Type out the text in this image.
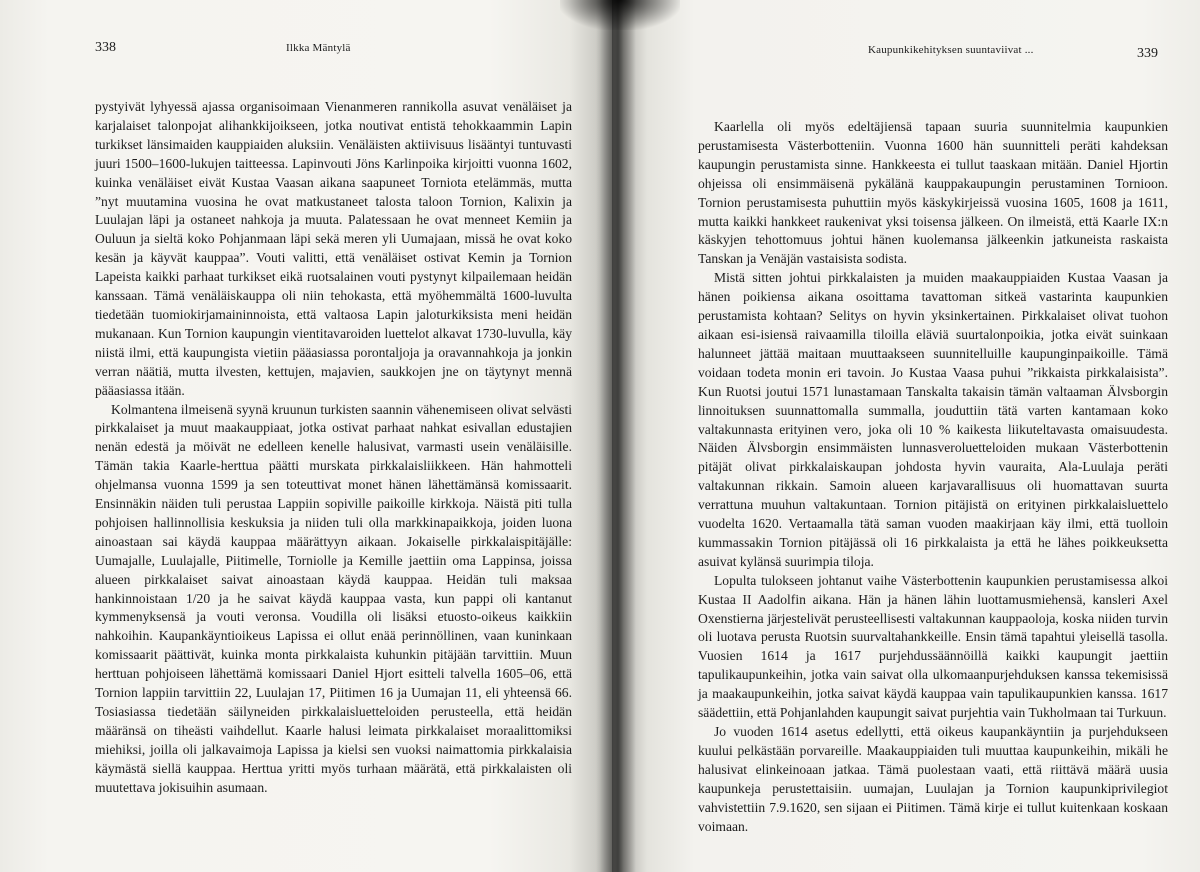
338	Ilkka Mäntylä

pystyivät lyhyessä ajassa organisoimaan Vienanmeren rannikolla asuvat venäläiset ja karjalaiset talonpojat alihankkijoikseen, jotka noutivat entistä tehokkaammin Lapin turkikset länsimaiden kauppiaiden aluksiin. Venäläisten aktiivisuus lisääntyi tuntuvasti juuri 1500–1600-lukujen taitteessa. Lapinvouti Jöns Karlinpoika kirjoitti vuonna 1602, kuinka venäläiset eivät Kustaa Vaasan aikana saapuneet Torniota etelämmäs, mutta ”nyt muutamina vuosina he ovat matkustaneet talosta taloon Tornion, Kalixin ja Luulajan läpi ja ostaneet nahkoja ja muuta. Palatessaan he ovat menneet Kemiin ja Ouluun ja sieltä koko Pohjanmaan läpi sekä meren yli Uumajaan, missä he ovat koko kesän ja käyvät kauppaa”. Vouti valitti, että venäläiset ostivat Kemin ja Tornion Lapeista kaikki parhaat turkikset eikä ruotsalainen vouti pystynyt kilpailemaan heidän kanssaan. Tämä venäläiskauppa oli niin tehokasta, että myöhemmältä 1600-luvulta tiedetään tuomiokirjamaininnoista, että valtaosa Lapin jaloturkiksista meni heidän mukanaan. Kun Tornion kaupungin vientitavaroiden luettelot alkavat 1730-luvulla, käy niistä ilmi, että kaupungista vietiin pääasiassa porontaljoja ja oravannahkoja ja jonkin verran näätiä, mutta ilvesten, kettujen, majavien, saukkojen jne on täytynyt mennä pääasiassa itään.

Kolmantena ilmeisenä syynä kruunun turkisten saannin vähenemiseen olivat selvästi pirkkalaiset ja muut maakauppiaat, jotka ostivat parhaat nahkat esivallan edustajien nenän edestä ja möivät ne edelleen kenelle halusivat, varmasti usein venäläisille. Tämän takia Kaarle-herttua päätti murskata pirkkalaisliikkeen. Hän hahmotteli ohjelmansa vuonna 1599 ja sen toteuttivat monet hänen lähettämänsä komissaarit. Ensinnäkin näiden tuli perustaa Lappiin sopiville paikoille kirkkoja. Näistä piti tulla pohjoisen hallinnollisia keskuksia ja niiden tuli olla markkinapaikkoja, joiden luona ainoastaan sai käydä kauppaa määrättyyn aikaan. Jokaiselle pirkkalaispitäjälle: Uumajalle, Luulajalle, Piitimelle, Torniolle ja Kemille jaettiin oma Lappinsa, joissa alueen pirkkalaiset saivat ainoastaan käydä kauppaa. Heidän tuli maksaa hankinnoistaan 1/20 ja he saivat käydä kauppaa vasta, kun pappi oli kantanut kymmenyksensä ja vouti veronsa. Voudilla oli lisäksi etuosto-oikeus kaikkiin nahkoihin. Kaupankäyntioikeus Lapissa ei ollut enää perinnöllinen, vaan kuninkaan komissaarit päättivät, kuinka monta pirkkalaista kuhunkin pitäjään tarvittiin. Muun herttuan pohjoiseen lähettämä komissaari Daniel Hjort esitteli talvella 1605–06, että Tornion lappiin tarvittiin 22, Luulajan 17, Piitimen 16 ja Uumajan 11, eli yhteensä 66. Tosiasiassa tiedetään säilyneiden pirkkalaisluetteloiden perusteella, että heidän määränsä on tiheästi vaihdellut. Kaarle halusi leimata pirkkalaiset moraalittomiksi miehiksi, joilla oli jalkavaimoja Lapissa ja kielsi sen vuoksi naimattomia pirkkalaisia käymästä siellä kauppaa. Herttua yritti myös turhaan määrätä, että pirkkalaisten oli muutettava jokisuihin asumaan.

Kaupunkikehityksen suuntaviivat ...	339

Kaarlella oli myös edeltäjiensä tapaan suuria suunnitelmia kaupunkien perustamisesta Västerbotteniin. Vuonna 1600 hän suunnitteli peräti kahdeksan kaupungin perustamista sinne. Hankkeesta ei tullut taaskaan mitään. Daniel Hjortin ohjeissa oli ensimmäisenä pykälänä kauppakaupungin perustaminen Tornioon. Tornion perustamisesta puhuttiin myös käskykirjeissä vuosina 1605, 1608 ja 1611, mutta kaikki hankkeet raukenivat yksi toisensa jälkeen. On ilmeistä, että Kaarle IX:n käskyjen tehottomuus johtui hänen kuolemansa jälkeenkin jatkuneista raskaista Tanskan ja Venäjän vastaisista sodista.

Mistä sitten johtui pirkkalaisten ja muiden maakauppiaiden Kustaa Vaasan ja hänen poikiensa aikana osoittama tavattoman sitkeä vastarinta kaupunkien perustamista kohtaan? Selitys on hyvin yksinkertainen. Pirkkalaiset olivat tuohon aikaan esi-isiensä raivaamilla tiloilla eläviä suurtalonpoikia, jotka eivät suinkaan halunneet jättää maitaan muuttaakseen suunnitelluille kaupunginpaikoille. Tämä voidaan todeta monin eri tavoin. Jo Kustaa Vaasa puhui ”rikkaista pirkkalaisista”. Kun Ruotsi joutui 1571 lunastamaan Tanskalta takaisin tämän valtaaman Älvsborgin linnoituksen suunnattomalla summalla, jouduttiin tätä varten kantamaan koko valtakunnasta erityinen vero, joka oli 10 % kaikesta liikuteltavasta omaisuudesta. Näiden Älvsborgin ensimmäisten lunnasveroluetteloiden mukaan Västerbottenin pitäjät olivat pirkkalaiskaupan johdosta hyvin vauraita, Ala-Luulaja peräti valtakunnan rikkain. Samoin alueen karjavarallisuus oli huomattavan suurta verrattuna muuhun valtakuntaan. Tornion pitäjistä on erityinen pirkkalaisluettelo vuodelta 1620. Vertaamalla tätä saman vuoden maakirjaan käy ilmi, että tuolloin kummassakin Tornion pitäjässä oli 16 pirkkalaista ja että he lähes poikkeuksetta asuivat kylänsä suurimpia tiloja.

Lopulta tulokseen johtanut vaihe Västerbottenin kaupunkien perustamisessa alkoi Kustaa II Aadolfin aikana. Hän ja hänen lähin luottamusmiehensä, kansleri Axel Oxenstierna järjestelivät perusteellisesti valtakunnan kauppaoloja, koska niiden turvin oli luotava perusta Ruotsin suurvaltahankkeille. Ensin tämä tapahtui yleisellä tasolla. Vuosien 1614 ja 1617 purjehdussäännöillä kaikki kaupungit jaettiin tapulikaupunkeihin, jotka vain saivat olla ulkomaanpurjehduksen kanssa tekemisissä ja maakaupunkeihin, jotka saivat käydä kauppaa vain tapulikaupunkien kanssa. 1617 säädettiin, että Pohjanlahden kaupungit saivat purjehtia vain Tukholmaan tai Turkuun.

Jo vuoden 1614 asetus edellytti, että oikeus kaupankäyntiin ja purjehdukseen kuului pelkästään porvareille. Maakauppiaiden tuli muuttaa kaupunkeihin, mikäli he halusivat elinkeinoaan jatkaa. Tämä puolestaan vaati, että riittävä määrä uusia kaupunkeja perustettaisiin. uumajan, Luulajan ja Tornion kaupunkiprivilegiot vahvistettiin 7.9.1620, sen sijaan ei Piitimen. Tämä kirje ei tullut kuitenkaan koskaan voimaan.
